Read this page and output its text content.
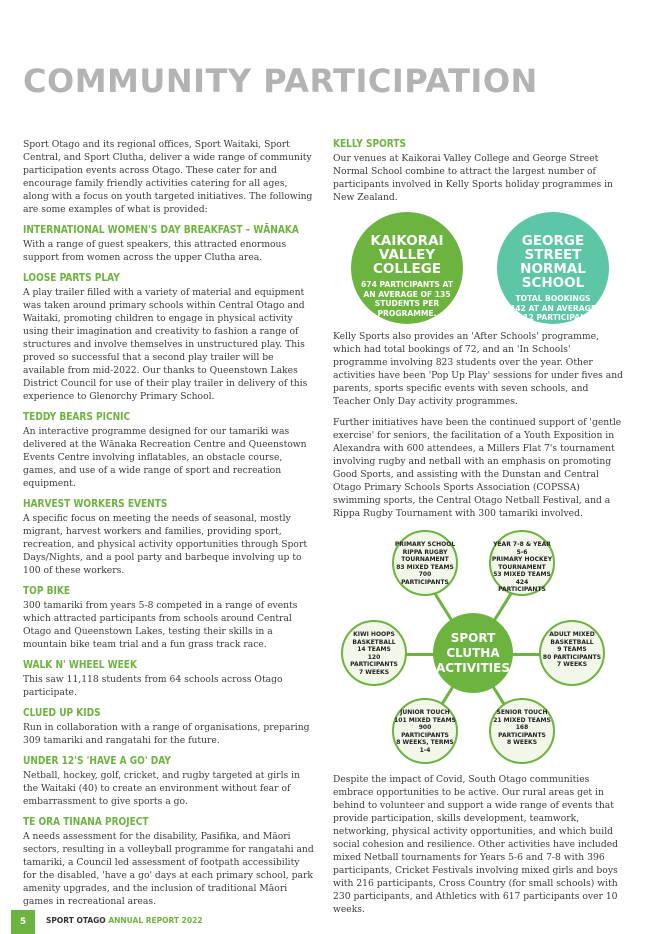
COMMUNITY PARTICIPATION

Sport Otago and its regional offices, Sport Waitaki, Sport Central, and Sport Clutha, deliver a wide range of community participation events across Otago. These cater for and encourage family friendly activities catering for all ages, along with a focus on youth targeted initiatives. The following are some examples of what is provided:

INTERNATIONAL WOMEN'S DAY BREAKFAST – WĀNAKA

With a range of guest speakers, this attracted enormous support from women across the upper Clutha area.

LOOSE PARTS PLAY

A play trailer filled with a variety of material and equipment was taken around primary schools within Central Otago and Waitaki, promoting children to engage in physical activity using their imagination and creativity to fashion a range of structures and involve themselves in unstructured play. This proved so successful that a second play trailer will be available from mid-2022. Our thanks to Queenstown Lakes District Council for use of their play trailer in delivery of this experience to Glenorchy Primary School.

TEDDY BEARS PICNIC

An interactive programme designed for our tamariki was delivered at the Wānaka Recreation Centre and Queenstown Events Centre involving inflatables, an obstacle course, games, and use of a wide range of sport and recreation equipment.

HARVEST WORKERS EVENTS

A specific focus on meeting the needs of seasonal, mostly migrant, harvest workers and families, providing sport, recreation, and physical activity opportunities through Sport Days/Nights, and a pool party and barbeque involving up to 100 of these workers.

TOP BIKE

300 tamariki from years 5-8 competed in a range of events which attracted participants from schools around Central Otago and Queenstown Lakes, testing their skills in a mountain bike team trial and a fun grass track race.

WALK N' WHEEL WEEK

This saw 11,118 students from 64 schools across Otago participate.

CLUED UP KIDS

Run in collaboration with a range of organisations, preparing 309 tamariki and rangatahi for the future.

UNDER 12'S 'HAVE A GO' DAY

Netball, hockey, golf, cricket, and rugby targeted at girls in the Waitaki (40) to create an environment without fear of embarrassment to give sports a go.

TE ORA TINANA PROJECT

A needs assessment for the disability, Pasifika, and Māori sectors, resulting in a volleyball programme for rangatahi and tamariki, a Council led assessment of footpath accessibility for the disabled, 'have a go' days at each primary school, park amenity upgrades, and the inclusion of traditional Māori games in recreational areas.

KELLY SPORTS

Our venues at Kaikorai Valley College and George Street Normal School combine to attract the largest number of participants involved in Kelly Sports holiday programmes in New Zealand.

KAIKORAI VALLEY COLLEGE
674 PARTICIPANTS AT AN AVERAGE OF 135 STUDENTS PER PROGRAMME.
GEORGE STREET NORMAL SCHOOL
TOTAL BOOKINGS 442 AT AN AVERAGE OF 12 PARTICIPANTS PER SESSION.

Kelly Sports also provides an 'After Schools' programme, which had total bookings of 72, and an 'In Schools' programme involving 823 students over the year. Other activities have been 'Pop Up Play' sessions for under fives and parents, sports specific events with seven schools, and Teacher Only Day activity programmes.

Further initiatives have been the continued support of 'gentle exercise' for seniors, the facilitation of a Youth Exposition in Alexandra with 600 attendees, a Millers Flat 7's tournament involving rugby and netball with an emphasis on promoting Good Sports, and assisting with the Dunstan and Central Otago Primary Schools Sports Association (COPSSA) swimming sports, the Central Otago Netball Festival, and a Rippa Rugby Tournament with 300 tamariki involved.

SPORT
CLUTHA
ACTIVITIES
PRIMARY SCHOOL
RIPPA RUGBY
TOURNAMENT
83 MIXED TEAMS
700 PARTICIPANTS
YEAR 7-8 & YEAR 5-6
PRIMARY HOCKEY
TOURNAMENT
53 MIXED TEAMS
424 PARTICIPANTS
KIWI HOOPS
BASKETBALL
14 TEAMS
120 PARTICIPANTS
7 WEEKS
ADULT MIXED
BASKETBALL
9 TEAMS
80 PARTICIPANTS
7 WEEKS
JUNIOR TOUCH
101 MIXED TEAMS
900 PARTICIPANTS
8 WEEKS, TERMS 1-4
SENIOR TOUCH
21 MIXED TEAMS
168 PARTICIPANTS
8 WEEKS

Despite the impact of Covid, South Otago communities embrace opportunities to be active. Our rural areas get in behind to volunteer and support a wide range of events that provide participation, skills development, teamwork, networking, physical activity opportunities, and which build social cohesion and resilience. Other activities have included mixed Netball tournaments for Years 5-6 and 7-8 with 396 participants, Cricket Festivals involving mixed girls and boys with 216 participants, Cross Country (for small schools) with 230 participants, and Athletics with 617 participants over 10 weeks.

5	SPORT OTAGO ANNUAL REPORT 2022
